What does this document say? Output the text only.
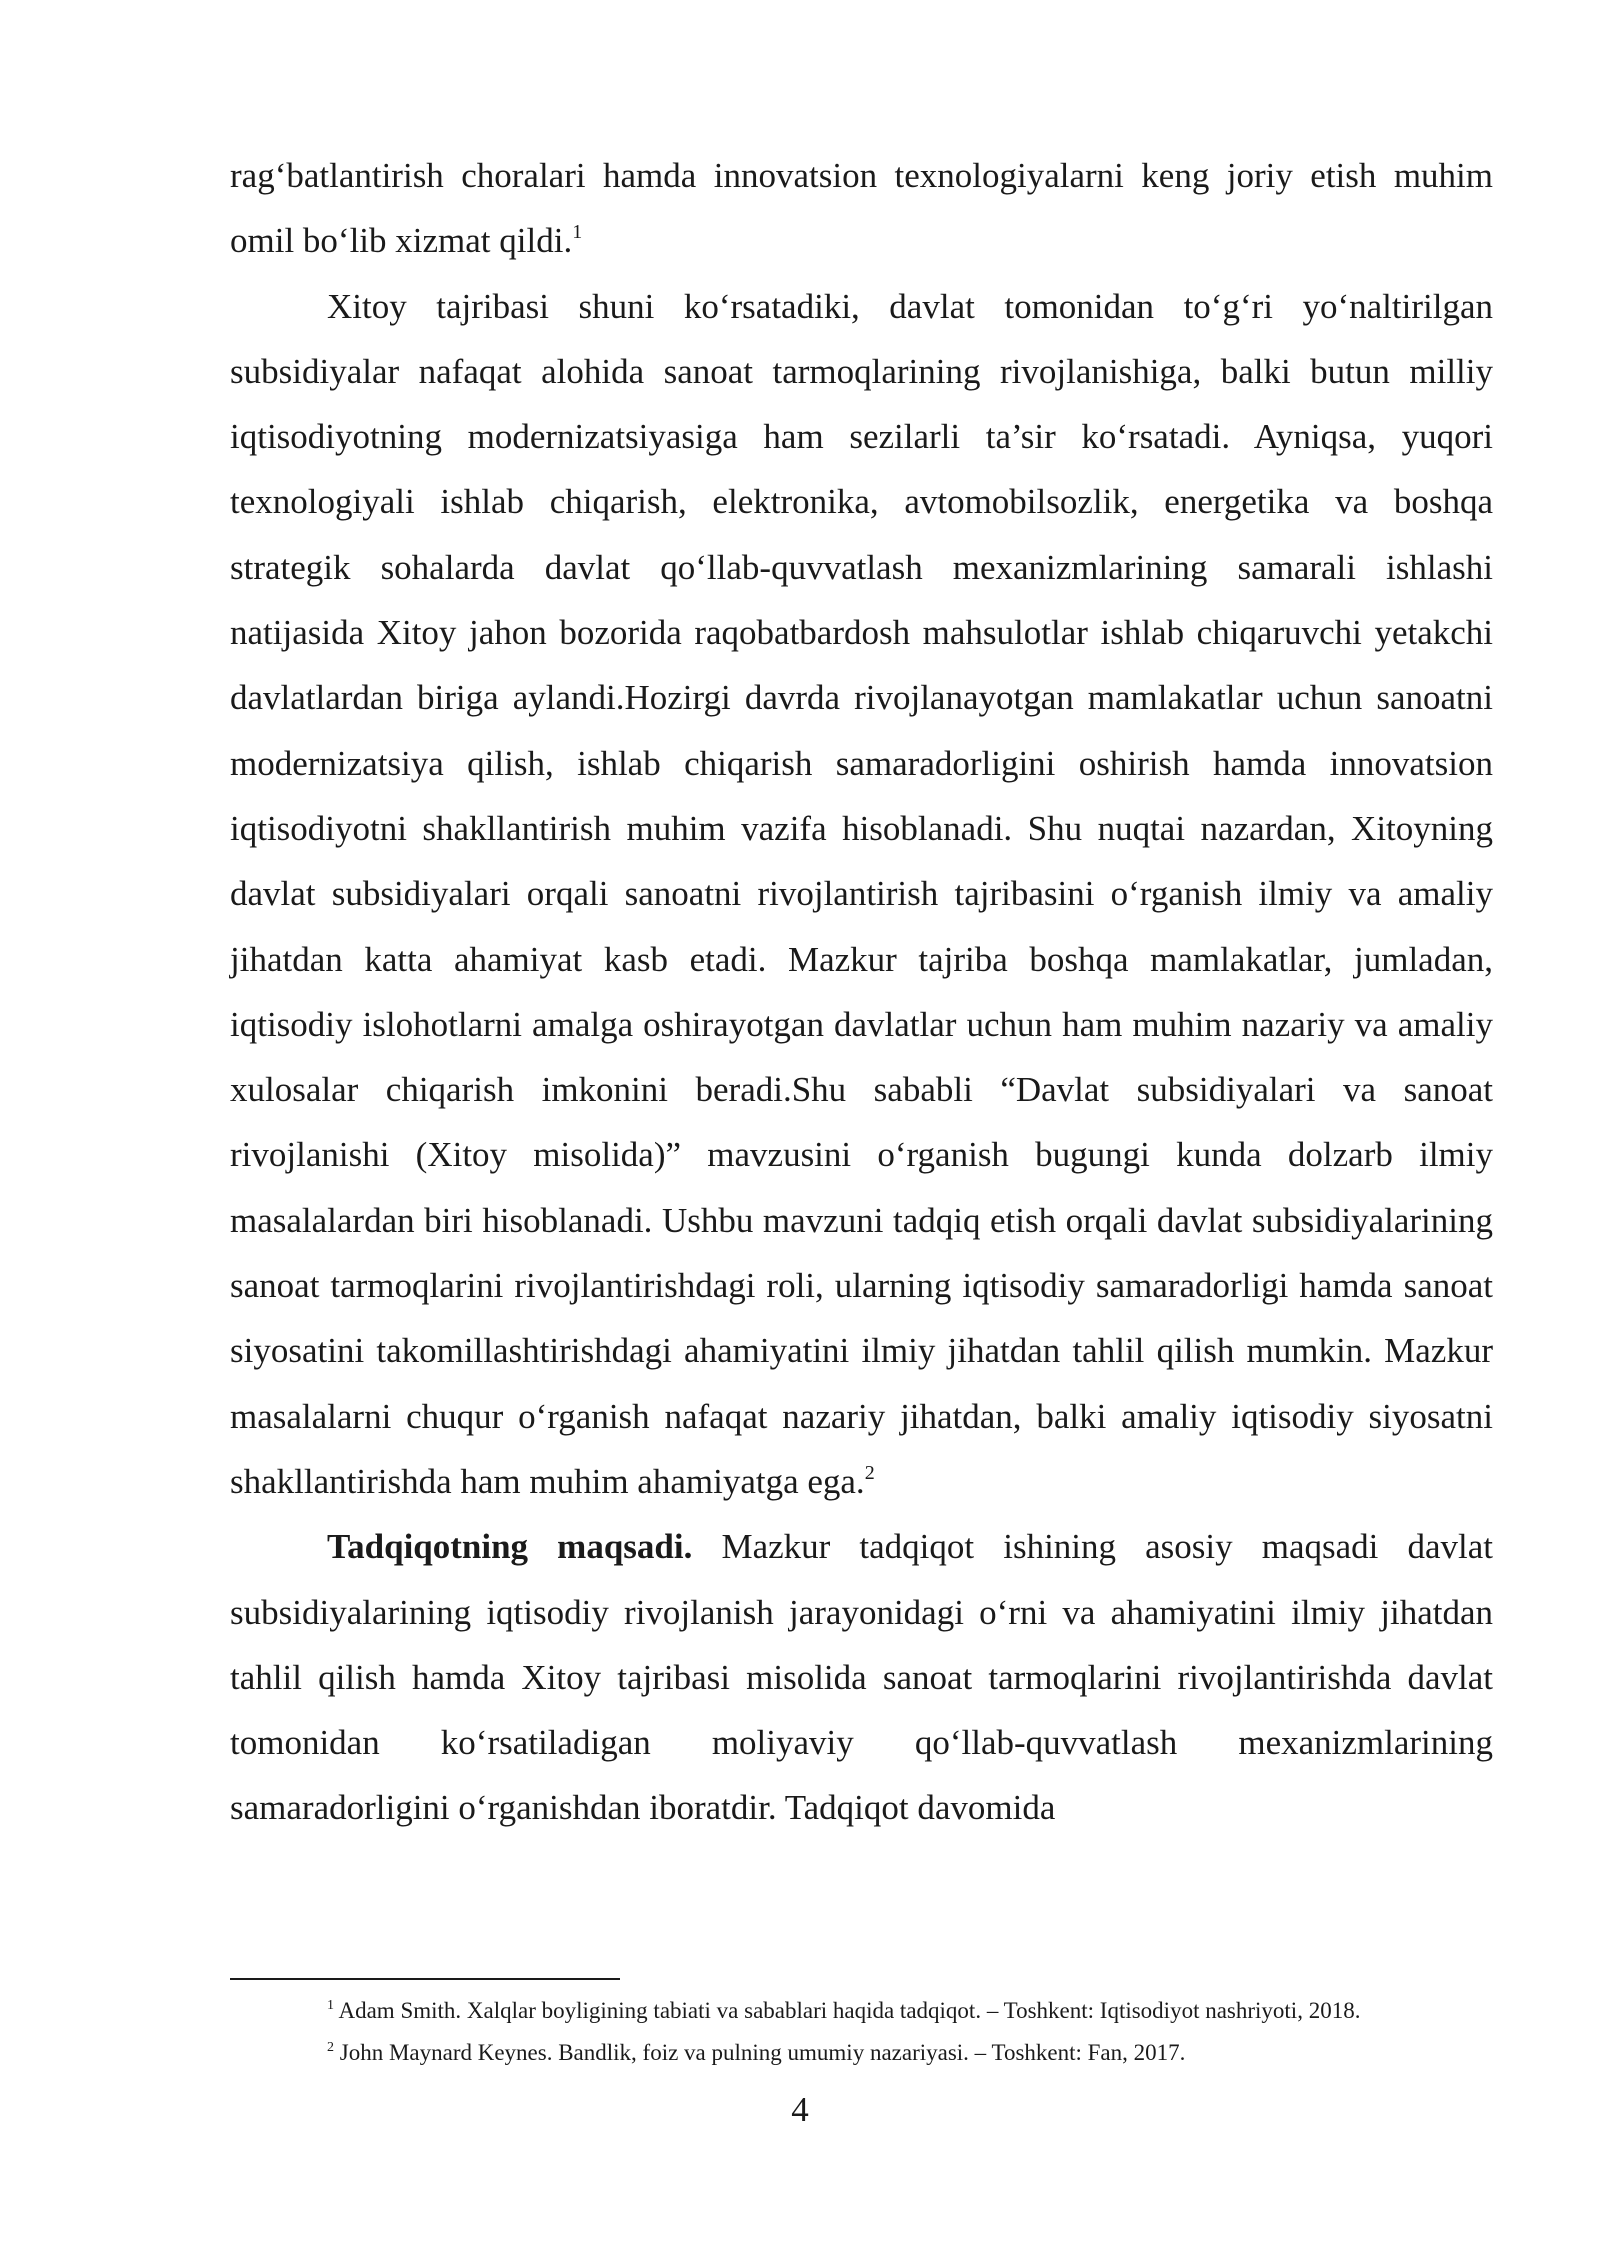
rag‘batlantirish choralari hamda innovatsion texnologiyalarni keng joriy etish muhim omil bo‘lib xizmat qildi.$^1$

Xitoy tajribasi shuni ko‘rsatadiki, davlat tomonidan to‘g‘ri yo‘naltirilgan subsidiyalar nafaqat alohida sanoat tarmoqlarining rivojlanishiga, balki butun milliy iqtisodiyotning modernizatsiyasiga ham sezilarli ta’sir ko‘rsatadi. Ayniqsa, yuqori texnologiyali ishlab chiqarish, elektronika, avtomobilsozlik, energetika va boshqa strategik sohalarda davlat qo‘llab-quvvatlash mexanizmlarining samarali ishlashi natijasida Xitoy jahon bozorida raqobatbardosh mahsulotlar ishlab chiqaruvchi yetakchi davlatlardan biriga aylandi.Hozirgi davrda rivojlanayotgan mamlakatlar uchun sanoatni modernizatsiya qilish, ishlab chiqarish samaradorligini oshirish hamda innovatsion iqtisodiyotni shakllantirish muhim vazifa hisoblanadi. Shu nuqtai nazardan, Xitoyning davlat subsidiyalari orqali sanoatni rivojlantirish tajribasini o‘rganish ilmiy va amaliy jihatdan katta ahamiyat kasb etadi. Mazkur tajriba boshqa mamlakatlar, jumladan, iqtisodiy islohotlarni amalga oshirayotgan davlatlar uchun ham muhim nazariy va amaliy xulosalar chiqarish imkonini beradi.Shu sababli “Davlat subsidiyalari va sanoat rivojlanishi (Xitoy misolida)” mavzusini o‘rganish bugungi kunda dolzarb ilmiy masalalardan biri hisoblanadi. Ushbu mavzuni tadqiq etish orqali davlat subsidiyalarining sanoat tarmoqlarini rivojlantirishdagi roli, ularning iqtisodiy samaradorligi hamda sanoat siyosatini takomillashtirishdagi ahamiyatini ilmiy jihatdan tahlil qilish mumkin. Mazkur masalalarni chuqur o‘rganish nafaqat nazariy jihatdan, balki amaliy iqtisodiy siyosatni shakllantirishda ham muhim ahamiyatga ega.$^2$

Tadqiqotning maqsadi. Mazkur tadqiqot ishining asosiy maqsadi davlat subsidiyalarining iqtisodiy rivojlanish jarayonidagi o‘rni va ahamiyatini ilmiy jihatdan tahlil qilish hamda Xitoy tajribasi misolida sanoat tarmoqlarini rivojlantirishda davlat tomonidan ko‘rsatiladigan moliyaviy qo‘llab-quvvatlash mexanizmlarining samaradorligini o‘rganishdan iboratdir. Tadqiqot davomida

$^1$ Adam Smith. Xalqlar boyligining tabiati va sabablari haqida tadqiqot. – Toshkent: Iqtisodiyot nashriyoti, 2018.

$^2$ John Maynard Keynes. Bandlik, foiz va pulning umumiy nazariyasi. – Toshkent: Fan, 2017.

4
